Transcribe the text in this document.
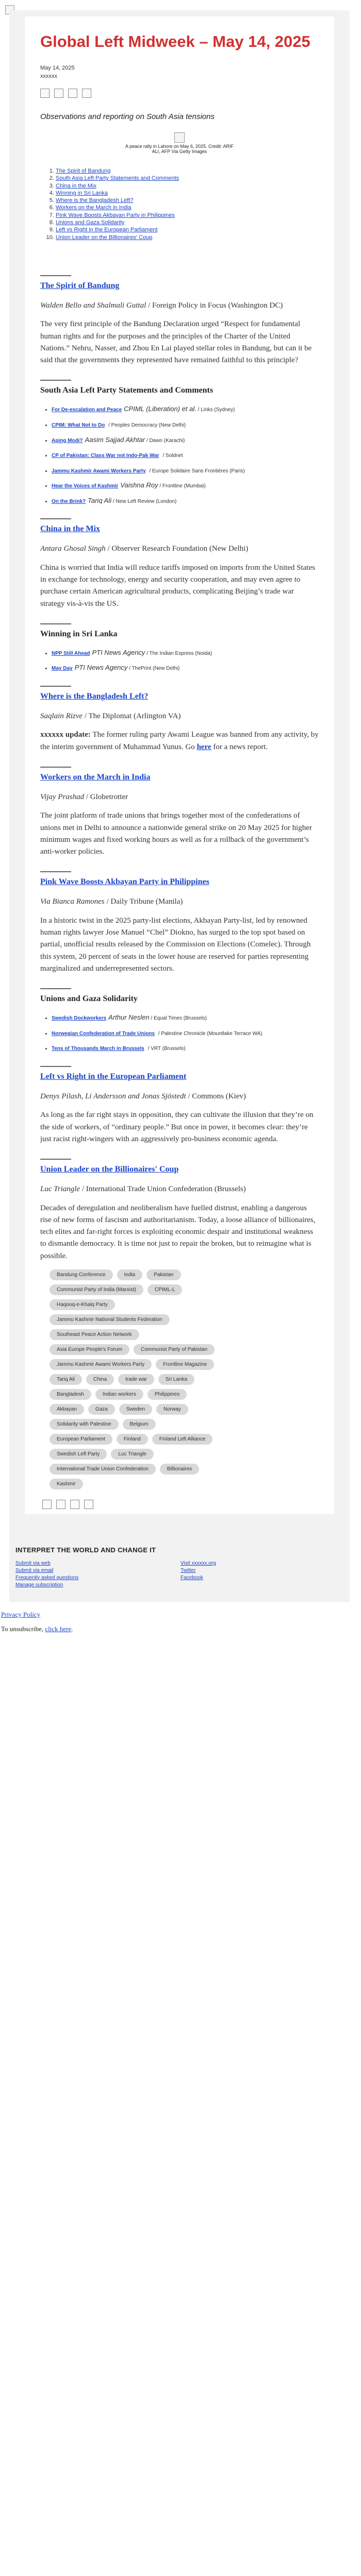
Global Left Midweek – May 14, 2025
May 14, 2025
xxxxxx
Observations and reporting on South Asia tensions
A peace rally in Lahore on May 6, 2025. Credit: ARIF
ALI, AFP Via Getty Images
1. The Spirit of Bandung
2. South Asia Left Party Statements and Comments
3. China in the Mix
4. Winning in Sri Lanka
5. Where is the Bangladesh Left?
6. Workers on the March in India
7. Pink Wave Boosts Akbayan Party in Philippines
8. Unions and Gaza Solidarity
9. Left vs Right in the European Parliament
10. Union Leader on the Billionaires' Coup
The Spirit of Bandung
Walden Bello and Shalmali Guttal / Foreign Policy in Focus (Washington DC)
The very first principle of the Bandung Declaration urged “Respect for fundamental human rights and for the purposes and the principles of the Charter of the United Nations.” Nehru, Nasser, and Zhou En Lai played stellar roles in Bandung, but can it be said that the governments they represented have remained faithful to this principle?
South Asia Left Party Statements and Comments
• For De-escalation and Peace CPIML (Liberation) et al. / Links (Sydney)
• CPIM: What Not to Do / Peoples Democracy (New Delhi)
• Aping Modi? Aasim Sajjad Akhtar / Dawn (Karachi)
• CP of Pakistan: Class War not Indo-Pak War / Soldnet
• Jammu Kashmir Awami Workers Party / Europe Solidaire Sans Frontières (Paris)
• Hear the Voices of Kashmir Vaishna Roy / Frontline (Mumbai)
• On the Brink? Tariq Ali / New Left Review (London)
China in the Mix
Antara Ghosal Singh / Observer Research Foundation (New Delhi)
China is worried that India will reduce tariffs imposed on imports from the United States in exchange for technology, energy and security cooperation, and may even agree to purchase certain American agricultural products, complicating Beijing’s trade war strategy vis-à-vis the US.
Winning in Sri Lanka
• NPP Still Ahead PTI News Agency / The Indian Express (Noida)
• May Day PTI News Agency / ThePrint (New Delhi)
Where is the Bangladesh Left?
Saqlain Rizve / The Diplomat (Arlington VA)
xxxxxx update: The former ruling party Awami League was banned from any activity, by the interim government of Muhammad Yunus. Go here for a news report.
Workers on the March in India
Vijay Prashad / Globetrotter
The joint platform of trade unions that brings together most of the confederations of unions met in Delhi to announce a nationwide general strike on 20 May 2025 for higher minimum wages and fixed working hours as well as for a rollback of the government’s anti-worker policies.
Pink Wave Boosts Akbayan Party in Philippines
Via Bianca Ramones / Daily Tribune (Manila)
In a historic twist in the 2025 party-list elections, Akbayan Party-list, led by renowned human rights lawyer Jose Manuel “Chel” Diokno, has surged to the top spot based on partial, unofficial results released by the Commission on Elections (Comelec). Through this system, 20 percent of seats in the lower house are reserved for parties representing marginalized and underrepresented sectors.
Unions and Gaza Solidarity
• Swedish Dockworkers Arthur Neslen / Equal Times (Brussels)
• Norwegian Confederation of Trade Unions / Palestine Chronicle (Mountlake Terrace WA)
• Tens of Thousands March in Brussels / VRT (Brussels)
Left vs Right in the European Parliament
Denys Pilash, Li Andersson and Jonas Sjöstedt / Commons (Kiev)
As long as the far right stays in opposition, they can cultivate the illusion that they’re on the side of workers, of “ordinary people.” But once in power, it becomes clear: they’re just racist right-wingers with an aggressively pro-business economic agenda.
Union Leader on the Billionaires' Coup
Luc Triangle / International Trade Union Confederation (Brussels)
Decades of deregulation and neoliberalism have fuelled distrust, enabling a dangerous rise of new forms of fascism and authoritarianism. Today, a loose alliance of billionaires, tech elites and far-right forces is exploiting economic despair and institutional weakness to dismantle democracy. It is time not just to repair the broken, but to reimagine what is possible.
Bandung Conference	India	Pakistan
Communist Party of India (Marxist)	CPIML-L
Haqooq-e-Khalq Party
Jammu Kashmir National Students Federation
Southeast Peace Action Network
Asia Europe People's Forum	Communist Party of Pakistan
Jammu Kashmir Awami Workers Party	Frontline Magazine
Tariq Ali	China	trade war	Sri Lanka
Bangladesh	Indian workers	Philippines
Akbayan	Gaza	Sweden	Norway
Solidarity with Palestine	Belgium
European Parliament	Finland	Finland Left Alliance
Swedish Left Party	Luc Triangle
International Trade Union Confederation	Billionaires
Kashmir
INTERPRET THE WORLD AND CHANGE IT
Submit via web
Submit via email
Frequently asked questions
Manage subscription
Visit xxxxxx.org
Twitter
Facebook
Privacy Policy
To unsubscribe, click here.
